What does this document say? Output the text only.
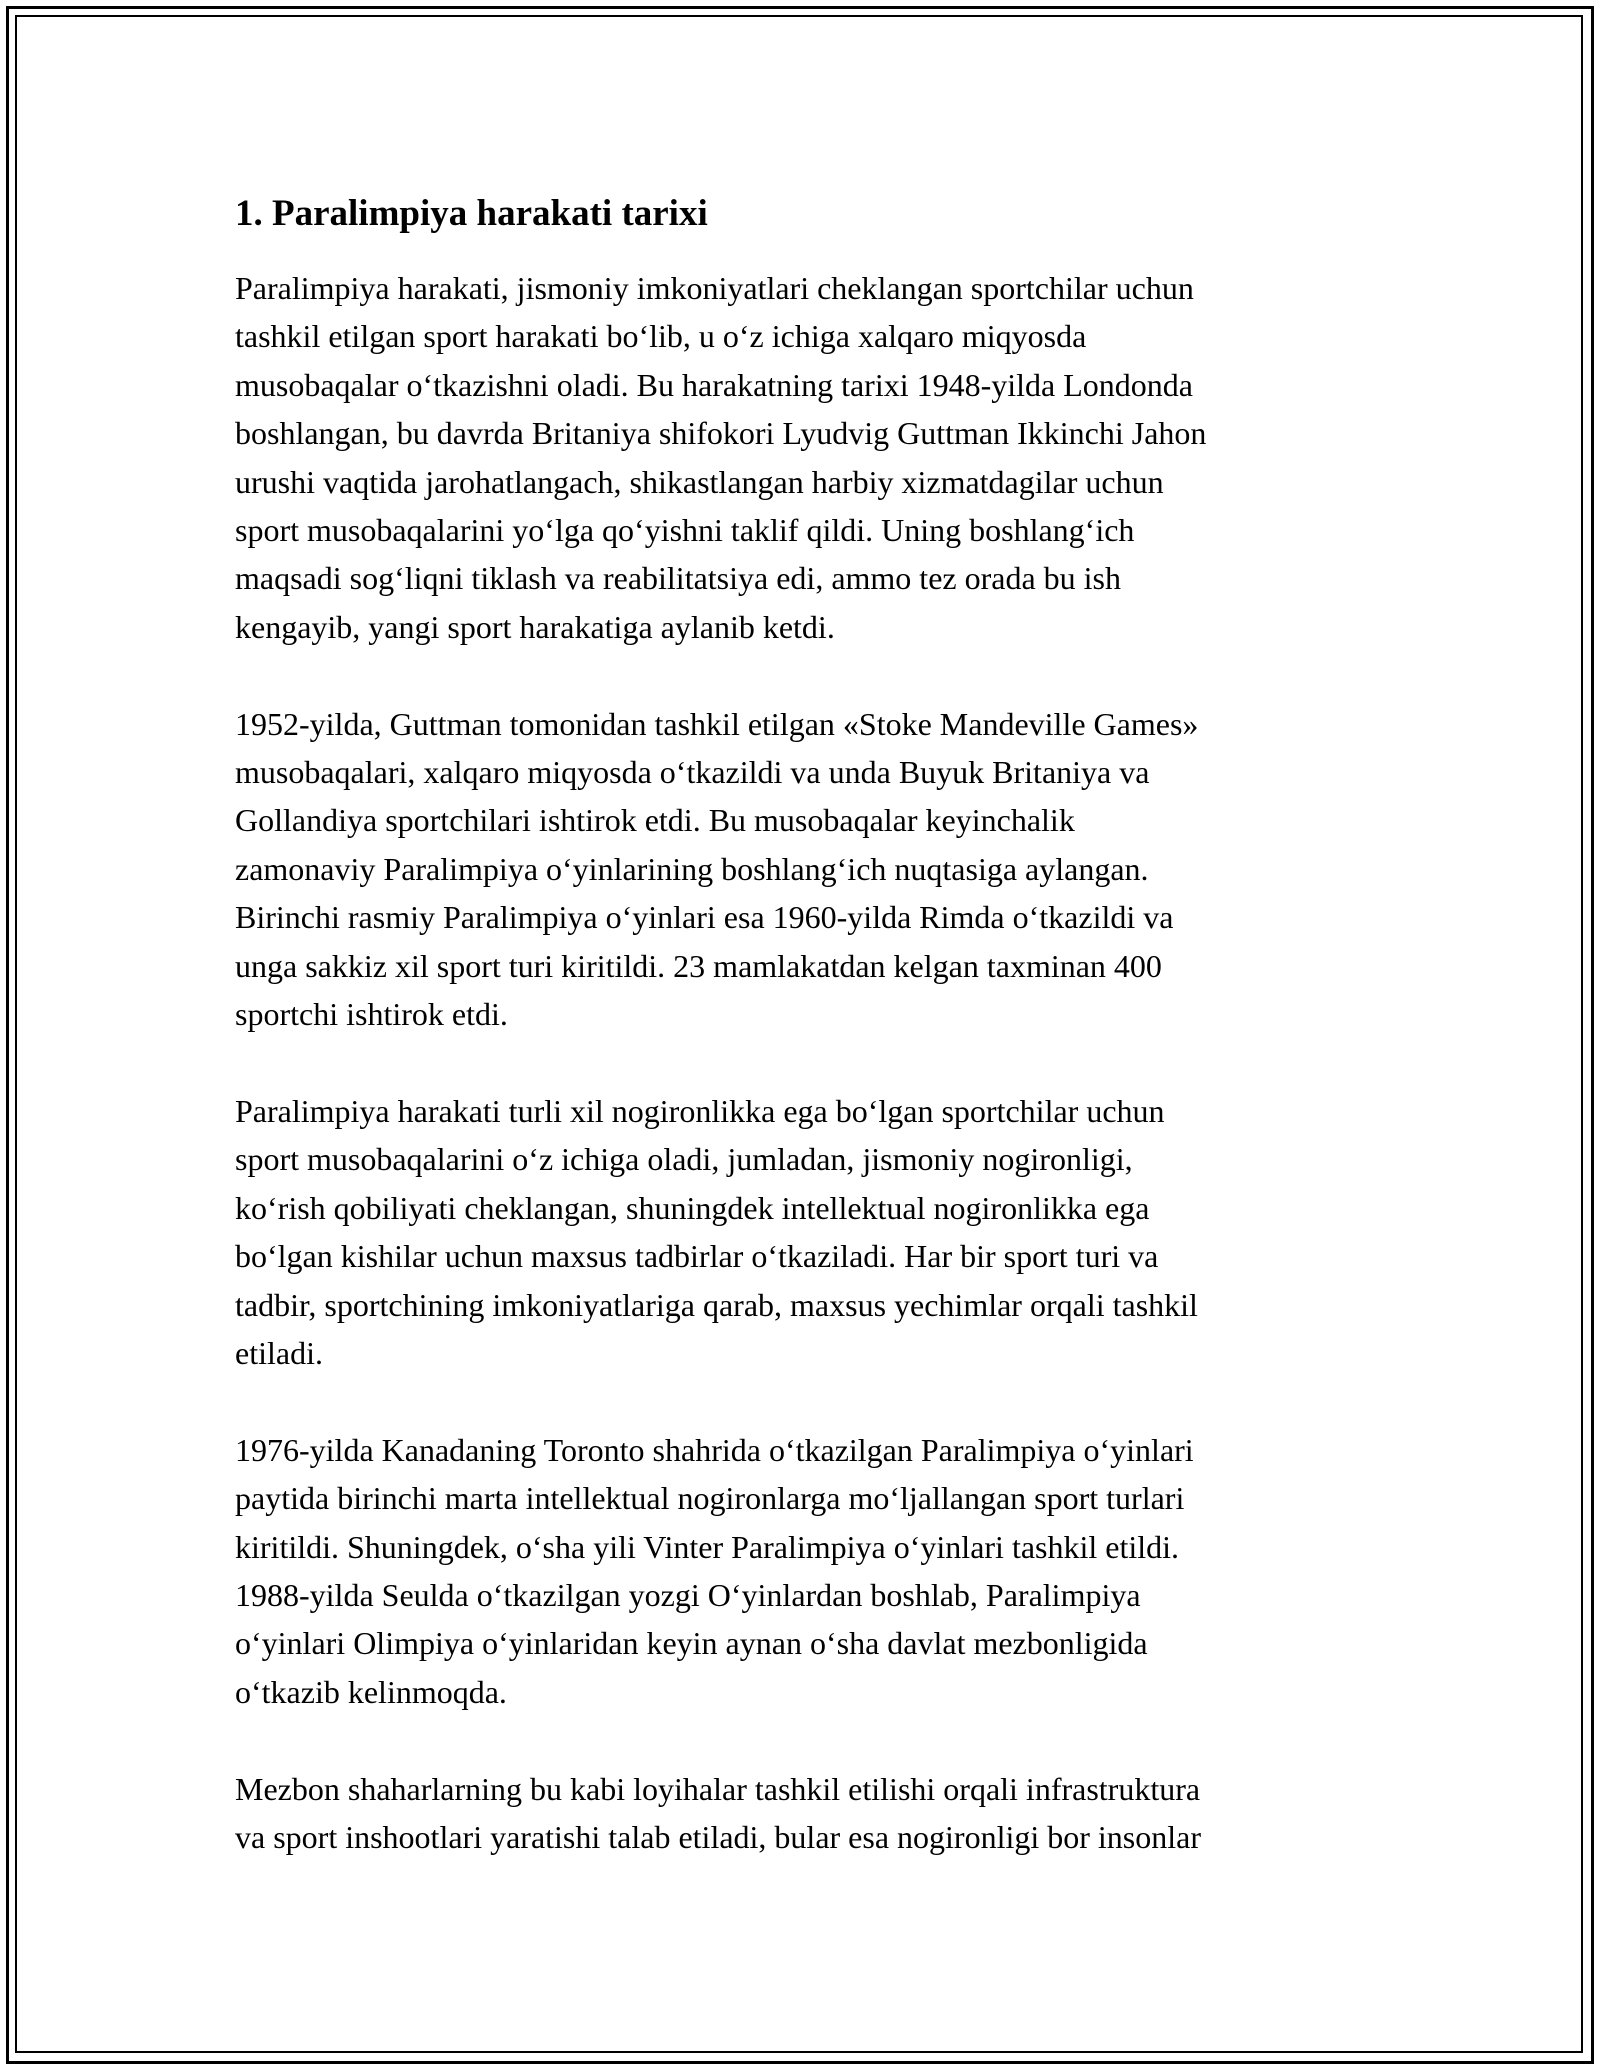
1. Paralimpiya harakati tarixi

Paralimpiya harakati, jismoniy imkoniyatlari cheklangan sportchilar uchun
tashkil etilgan sport harakati bo‘lib, u o‘z ichiga xalqaro miqyosda
musobaqalar o‘tkazishni oladi. Bu harakatning tarixi 1948-yilda Londonda
boshlangan, bu davrda Britaniya shifokori Lyudvig Guttman Ikkinchi Jahon
urushi vaqtida jarohatlangach, shikastlangan harbiy xizmatdagilar uchun
sport musobaqalarini yo‘lga qo‘yishni taklif qildi. Uning boshlang‘ich
maqsadi sog‘liqni tiklash va reabilitatsiya edi, ammo tez orada bu ish
kengayib, yangi sport harakatiga aylanib ketdi.

1952-yilda, Guttman tomonidan tashkil etilgan «Stoke Mandeville Games»
musobaqalari, xalqaro miqyosda o‘tkazildi va unda Buyuk Britaniya va
Gollandiya sportchilari ishtirok etdi. Bu musobaqalar keyinchalik
zamonaviy Paralimpiya o‘yinlarining boshlang‘ich nuqtasiga aylangan.
Birinchi rasmiy Paralimpiya o‘yinlari esa 1960-yilda Rimda o‘tkazildi va
unga sakkiz xil sport turi kiritildi. 23 mamlakatdan kelgan taxminan 400
sportchi ishtirok etdi.

Paralimpiya harakati turli xil nogironlikka ega bo‘lgan sportchilar uchun
sport musobaqalarini o‘z ichiga oladi, jumladan, jismoniy nogironligi,
ko‘rish qobiliyati cheklangan, shuningdek intellektual nogironlikka ega
bo‘lgan kishilar uchun maxsus tadbirlar o‘tkaziladi. Har bir sport turi va
tadbir, sportchining imkoniyatlariga qarab, maxsus yechimlar orqali tashkil
etiladi.

1976-yilda Kanadaning Toronto shahrida o‘tkazilgan Paralimpiya o‘yinlari
paytida birinchi marta intellektual nogironlarga mo‘ljallangan sport turlari
kiritildi. Shuningdek, o‘sha yili Vinter Paralimpiya o‘yinlari tashkil etildi.
1988-yilda Seulda o‘tkazilgan yozgi O‘yinlardan boshlab, Paralimpiya
o‘yinlari Olimpiya o‘yinlaridan keyin aynan o‘sha davlat mezbonligida
o‘tkazib kelinmoqda.

Mezbon shaharlarning bu kabi loyihalar tashkil etilishi orqali infrastruktura
va sport inshootlari yaratishi talab etiladi, bular esa nogironligi bor insonlar
